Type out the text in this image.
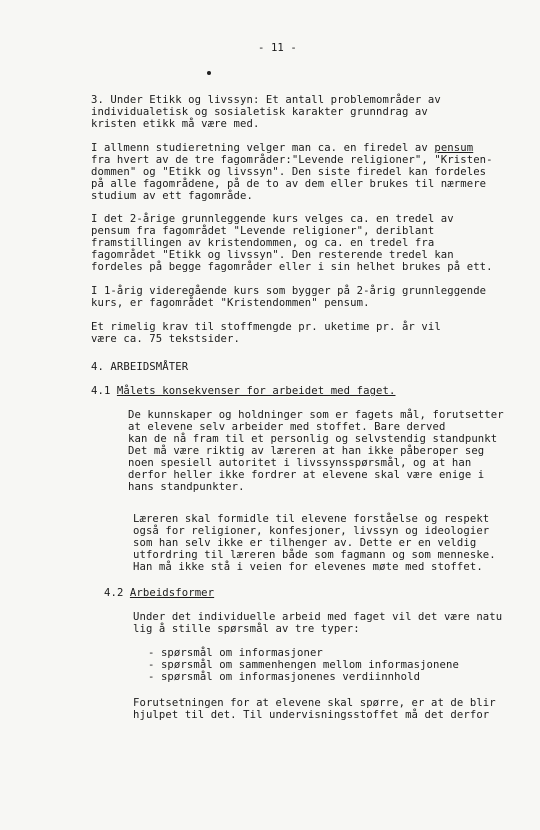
- 11 -
3. Under Etikk og livssyn: Et antall problemområder av
individualetisk og sosialetisk karakter grunndrag av
kristen etikk må være med.
I allmenn studieretning velger man ca. en firedel av pensum
fra hvert av de tre fagområder:"Levende religioner", "Kristen-
dommen" og "Etikk og livssyn". Den siste firedel kan fordeles
på alle fagområdene, på de to av dem eller brukes til nærmere
studium av ett fagområde.
I det 2-årige grunnleggende kurs velges ca. en tredel av
pensum fra fagområdet "Levende religioner", deriblant
framstillingen av kristendommen, og ca. en tredel fra
fagområdet "Etikk og livssyn". Den resterende tredel kan
fordeles på begge fagområder eller i sin helhet brukes på ett.
I 1-årig videregående kurs som bygger på 2-årig grunnleggende
kurs, er fagområdet "Kristendommen" pensum.
Et rimelig krav til stoffmengde pr. uketime pr. år vil
være ca. 75 tekstsider.
4. ARBEIDSMÅTER
4.1 Målets konsekvenser for arbeidet med faget.
De kunnskaper og holdninger som er fagets mål, forutsetter
at elevene selv arbeider med stoffet. Bare derved
kan de nå fram til et personlig og selvstendig standpunkt
Det må være riktig av læreren at han ikke påberoper seg
noen spesiell autoritet i livssynsspørsmål, og at han
derfor heller ikke fordrer at elevene skal være enige i
hans standpunkter.
Læreren skal formidle til elevene forståelse og respekt
også for religioner, konfesjoner, livssyn og ideologier
som han selv ikke er tilhenger av. Dette er en veldig
utfordring til læreren både som fagmann og som menneske.
Han må ikke stå i veien for elevenes møte med stoffet.
4.2 Arbeidsformer
Under det individuelle arbeid med faget vil det være natu
lig å stille spørsmål av tre typer:
- spørsmål om informasjoner
- spørsmål om sammenhengen mellom informasjonene
- spørsmål om informasjonenes verdiinnhold
Forutsetningen for at elevene skal spørre, er at de blir
hjulpet til det. Til undervisningsstoffet må det derfor
